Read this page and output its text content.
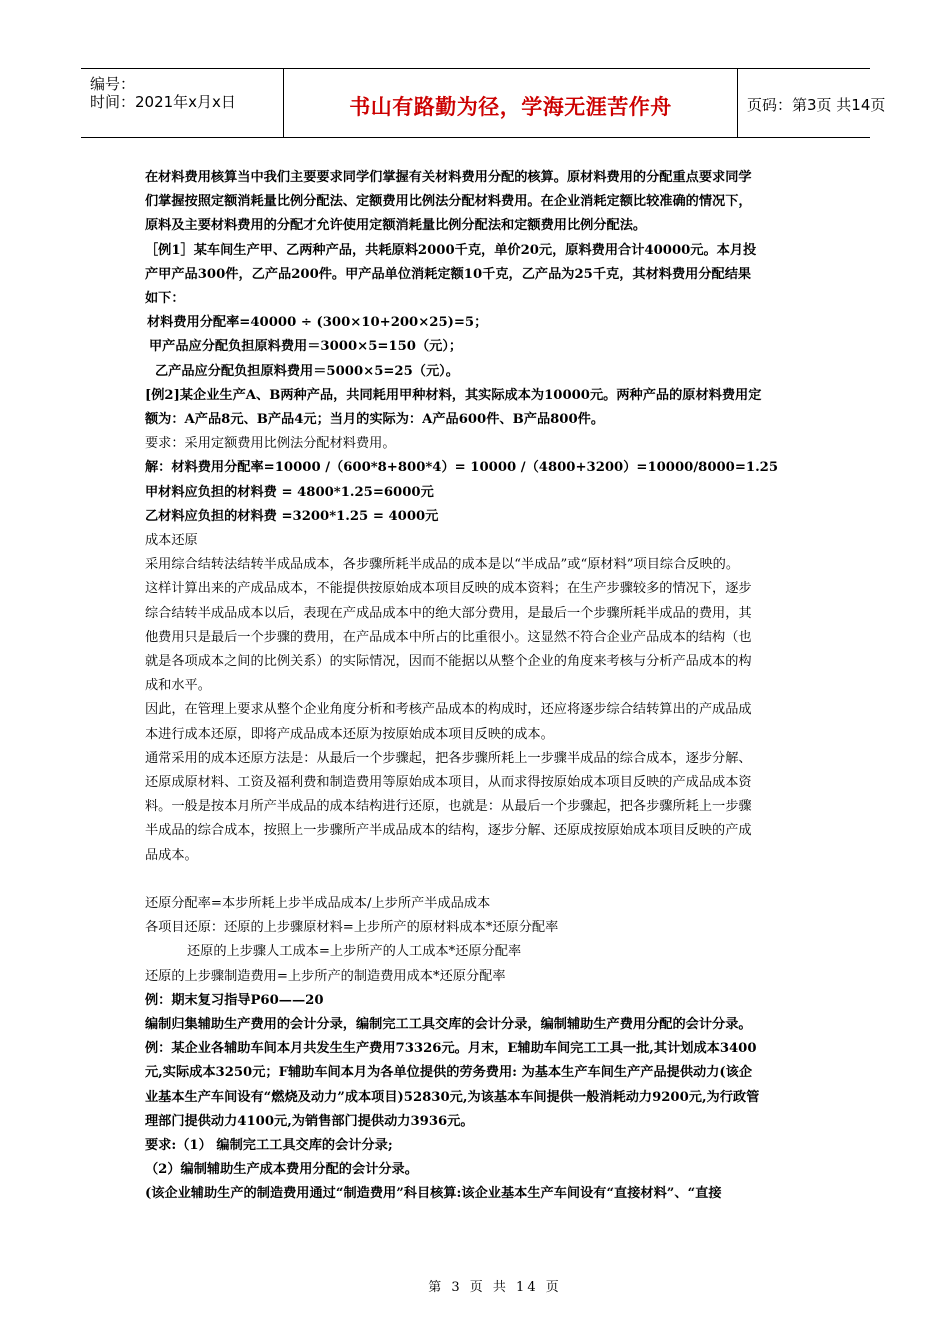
编号：
时间：2021年x月x日	书山有路勤为径，学海无涯苦作舟	页码：第3页 共14页

在材料费用核算当中我们主要要求同学们掌握有关材料费用分配的核算。原材料费用的分配重点要求同学

们掌握按照定额消耗量比例分配法、定额费用比例法分配材料费用。在企业消耗定额比较准确的情况下，

原料及主要材料费用的分配才允许使用定额消耗量比例分配法和定额费用比例分配法。

［例1］某车间生产甲、乙两种产品，共耗原料2000千克，单价20元，原料费用合计40000元。本月投

产甲产品300件，乙产品200件。甲产品单位消耗定额10千克，乙产品为25千克，其材料费用分配结果

如下：

材料费用分配率=40000 ÷ (300×10+200×25)=5；

甲产品应分配负担原料费用＝3000×5=150（元）；

乙产品应分配负担原料费用＝5000×5=25（元）。

[例2]某企业生产A、B两种产品，共同耗用甲种材料，其实际成本为10000元。两种产品的原材料费用定

额为：A产品8元、B产品4元；当月的实际为：A产品600件、B产品800件。

要求：采用定额费用比例法分配材料费用。

解：材料费用分配率=10000 /（600*8+800*4）= 10000 /（4800+3200）=10000/8000=1.25

甲材料应负担的材料费 = 4800*1.25=6000元

乙材料应负担的材料费 =3200*1.25 = 4000元

成本还原

采用综合结转法结转半成品成本，各步骤所耗半成品的成本是以“半成品”或“原材料”项目综合反映的。

这样计算出来的产成品成本，不能提供按原始成本项目反映的成本资料；在生产步骤较多的情况下，逐步

综合结转半成品成本以后，表现在产成品成本中的绝大部分费用，是最后一个步骤所耗半成品的费用，其

他费用只是最后一个步骤的费用，在产品成本中所占的比重很小。这显然不符合企业产品成本的结构（也

就是各项成本之间的比例关系）的实际情况，因而不能据以从整个企业的角度来考核与分析产品成本的构

成和水平。

因此，在管理上要求从整个企业角度分析和考核产品成本的构成时，还应将逐步综合结转算出的产成品成

本进行成本还原，即将产成品成本还原为按原始成本项目反映的成本。

通常采用的成本还原方法是：从最后一个步骤起，把各步骤所耗上一步骤半成品的综合成本，逐步分解、

还原成原材料、工资及福利费和制造费用等原始成本项目，从而求得按原始成本项目反映的产成品成本资

料。一般是按本月所产半成品的成本结构进行还原，也就是：从最后一个步骤起，把各步骤所耗上一步骤

半成品的综合成本，按照上一步骤所产半成品成本的结构，逐步分解、还原成按原始成本项目反映的产成

品成本。

还原分配率=本步所耗上步半成品成本/上步所产半成品成本

各项目还原：还原的上步骤原材料=上步所产的原材料成本*还原分配率

还原的上步骤人工成本=上步所产的人工成本*还原分配率

还原的上步骤制造费用=上步所产的制造费用成本*还原分配率

例：期末复习指导P60——20

编制归集辅助生产费用的会计分录，编制完工工具交库的会计分录，编制辅助生产费用分配的会计分录。

例：某企业各辅助车间本月共发生生产费用73326元。月末，E辅助车间完工工具一批,其计划成本3400

元,实际成本3250元；F辅助车间本月为各单位提供的劳务费用: 为基本生产车间生产产品提供动力(该企

业基本生产车间设有“燃烧及动力”成本项目)52830元,为该基本车间提供一般消耗动力9200元,为行政管

理部门提供动力4100元,为销售部门提供动力3936元。

要求:（1） 编制完工工具交库的会计分录;

（2）编制辅助生产成本费用分配的会计分录。

(该企业辅助生产的制造费用通过“制造费用”科目核算:该企业基本生产车间设有“直接材料”、“直接

第 3 页 共 14 页
